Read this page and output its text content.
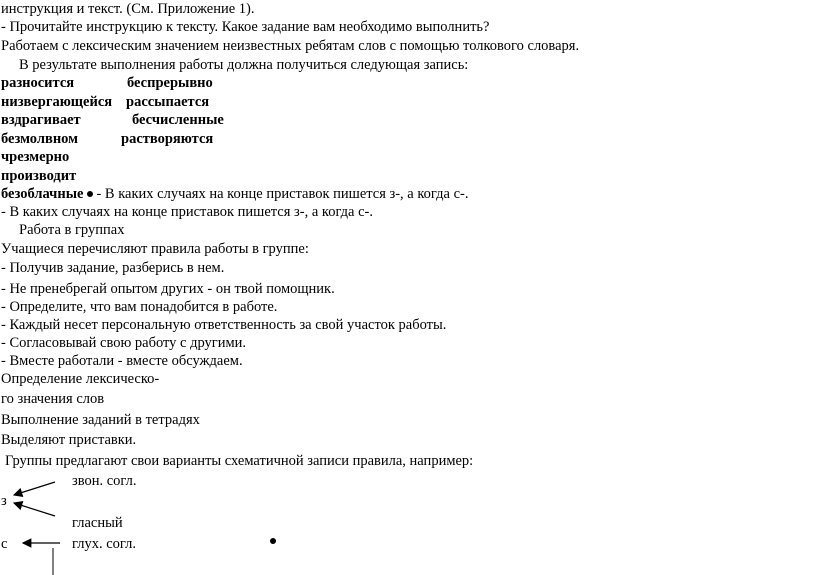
инструкция и текст. (См. Приложение 1).
- Прочитайте инструкцию к тексту. Какое задание вам необходимо выполнить?
Работаем с лексическим значением неизвестных ребятам слов с помощью толкового словаря.
В результате выполнения работы должна получиться следующая запись:
разносится	беспрерывно
низвергающейся рассыпается
вздрагивает	бесчисленные
безмолвном	растворяются
чрезмерно
производит
безоблачные - В каких случаях на конце приставок пишется з-, а когда с-.
- В каких случаях на конце приставок пишется з-, а когда с-.
Работа в группах
Учащиеся перечисляют правила работы в группе:
- Получив задание, разберись в нем.
- Не пренебрегай опытом других - он твой помощник.
- Определите, что вам понадобится в работе.
- Каждый несет персональную ответственность за свой участок работы.
- Согласовывай свою работу с другими.
- Вместе работали - вместе обсуждаем.
Определение лексическо-
го значения слов
Выполнение заданий в тетрадях
Выделяют приставки.
Группы предлагают свои варианты схематичной записи правила, например:
звон. согл.
з
гласный
с	глух. согл.
